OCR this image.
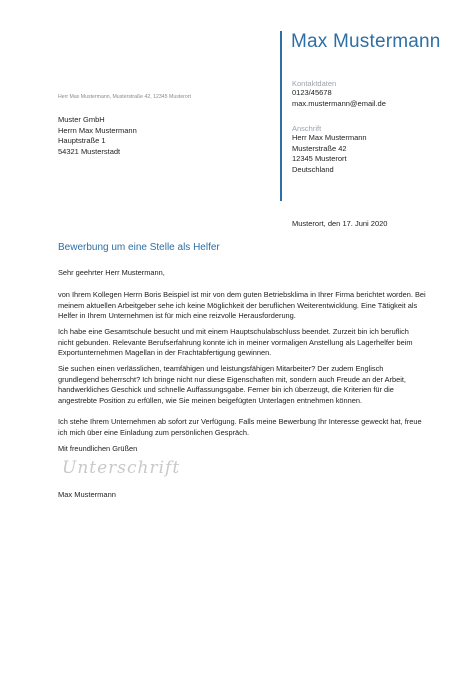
Max Mustermann
Kontaktdaten
0123/45678
max.mustermann@email.de
Anschrift
Herr Max Mustermann
Musterstraße 42
12345 Musterort
Deutschland
Herr Max Mustermann, Musterstraße 42, 12345 Musterort
Muster GmbH
Herrn Max Mustermann
Hauptstraße 1
54321 Musterstadt
Musterort, den 17. Juni 2020
Bewerbung um eine Stelle als Helfer
Sehr geehrter Herr Mustermann,
von Ihrem Kollegen Herrn Boris Beispiel ist mir von dem guten Betriebsklima in Ihrer Firma berichtet worden. Bei meinem aktuellen Arbeitgeber sehe ich keine Möglichkeit der beruflichen Weiterentwicklung. Eine Tätigkeit als Helfer in Ihrem Unternehmen ist für mich eine reizvolle Herausforderung.
Ich habe eine Gesamtschule besucht und mit einem Hauptschulabschluss beendet. Zurzeit bin ich beruflich nicht gebunden. Relevante Berufserfahrung konnte ich in meiner vormaligen Anstellung als Lagerhelfer beim Exportunternehmen Magellan in der Frachtabfertigung gewinnen.
Sie suchen einen verlässlichen, teamfähigen und leistungsfähigen Mitarbeiter? Der zudem Englisch grundlegend beherrscht? Ich bringe nicht nur diese Eigenschaften mit, sondern auch Freude an der Arbeit, handwerkliches Geschick und schnelle Auffassungsgabe. Ferner bin ich überzeugt, die Kriterien für die angestrebte Position zu erfüllen, wie Sie meinen beigefügten Unterlagen entnehmen können.
Ich stehe Ihrem Unternehmen ab sofort zur Verfügung. Falls meine Bewerbung Ihr Interesse geweckt hat, freue ich mich über eine Einladung zum persönlichen Gespräch.
Mit freundlichen Grüßen
Unterschrift
Max Mustermann
